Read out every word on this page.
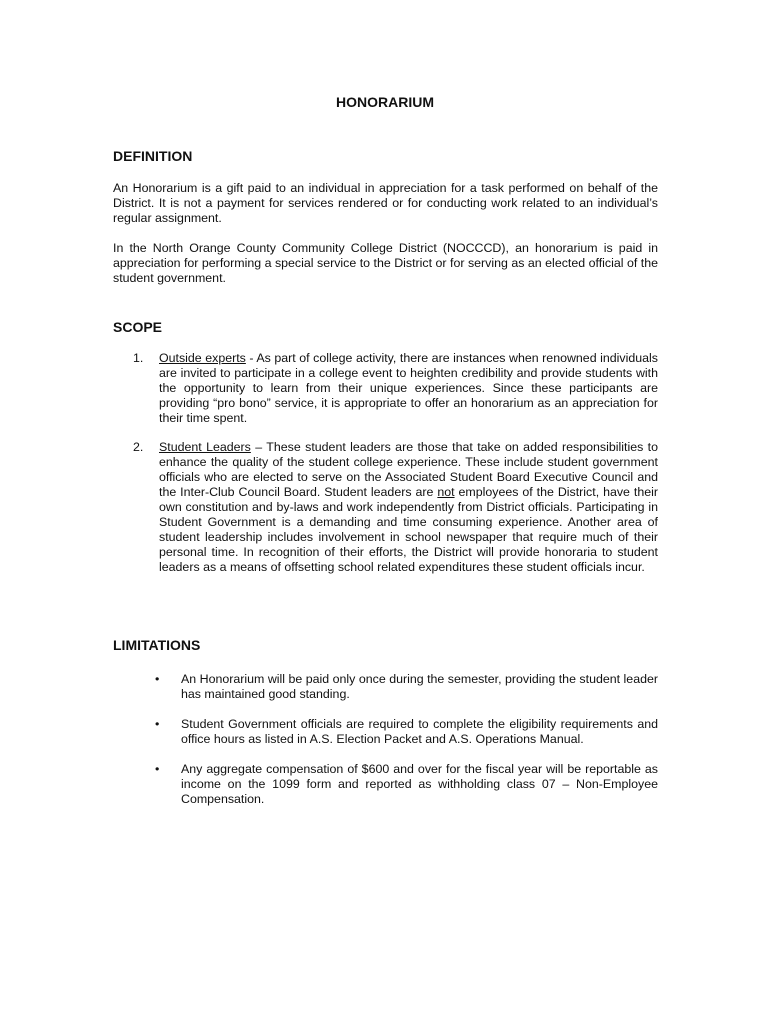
HONORARIUM
DEFINITION
An Honorarium is a gift paid to an individual in appreciation for a task performed on behalf of the District. It is not a payment for services rendered or for conducting work related to an individual’s regular assignment.
In the North Orange County Community College District (NOCCCD), an honorarium is paid in appreciation for performing a special service to the District or for serving as an elected official of the student government.
SCOPE
1.	Outside experts - As part of college activity, there are instances when renowned individuals are invited to participate in a college event to heighten credibility and provide students with the opportunity to learn from their unique experiences. Since these participants are providing “pro bono” service, it is appropriate to offer an honorarium as an appreciation for their time spent.
2.	Student Leaders – These student leaders are those that take on added responsibilities to enhance the quality of the student college experience. These include student government officials who are elected to serve on the Associated Student Board Executive Council and the Inter-Club Council Board. Student leaders are not employees of the District, have their own constitution and by-laws and work independently from District officials. Participating in Student Government is a demanding and time consuming experience. Another area of student leadership includes involvement in school newspaper that require much of their personal time. In recognition of their efforts, the District will provide honoraria to student leaders as a means of offsetting school related expenditures these student officials incur.
LIMITATIONS
•	An Honorarium will be paid only once during the semester, providing the student leader has maintained good standing.
•	Student Government officials are required to complete the eligibility requirements and office hours as listed in A.S. Election Packet and A.S. Operations Manual.
•	Any aggregate compensation of $600 and over for the fiscal year will be reportable as income on the 1099 form and reported as withholding class 07 – Non-Employee Compensation.
